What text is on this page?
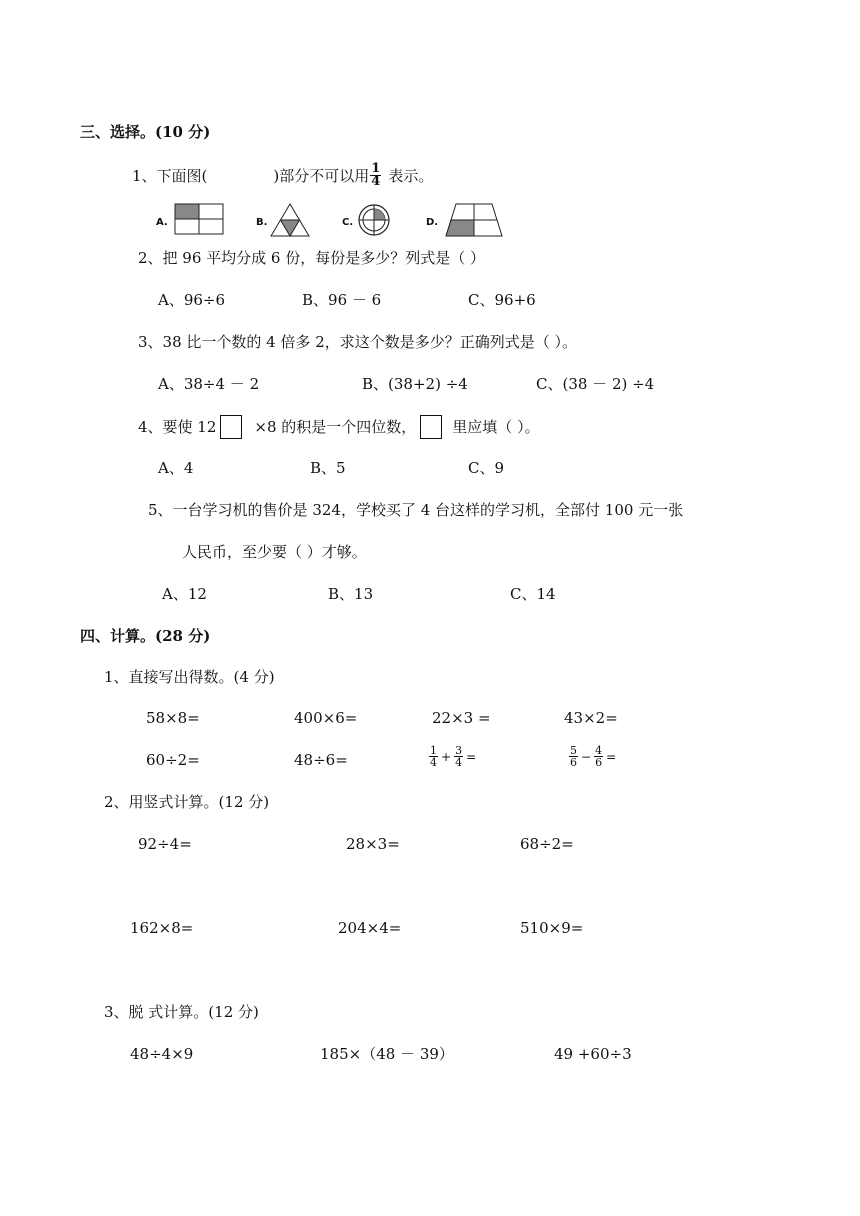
三、选择。(10 分)
1、下面图(	)部分不可以用 $\frac{1}{4}$ 表示。
A.	B.	C.	D.
2、把 96 平均分成 6 份，每份是多少？列式是（ ）
A、96÷6	B、96 － 6	C、96+6
3、38 比一个数的 4 倍多 2，求这个数是多少？正确列式是（ ）。
A、38÷4 － 2	B、(38+2) ÷4	C、(38 － 2) ÷4
4、要使 12	×8 的积是一个四位数， 里应填（ ）。
A、4	B、5	C、9
5、一台学习机的售价是 324，学校买了 4 台这样的学习机，全部付 100 元一张
人民币，至少要（ ）才够。
A、12	B、13	C、14
四、计算。(28 分)
1、直接写出得数。(4 分)
58×8=	400×6=	22×3 =	43×2=
60÷2=	48÷6=	$\frac{1}{4} + \frac{3}{4}$ =	$\frac{5}{6} - \frac{4}{6}$ =
2、用竖式计算。(12 分)
92÷4=	28×3=	68÷2=
162×8=	204×4=	510×9=
3、脱 式计算。(12 分)
48÷4×9	185×（48 － 39）	49 +60÷3
